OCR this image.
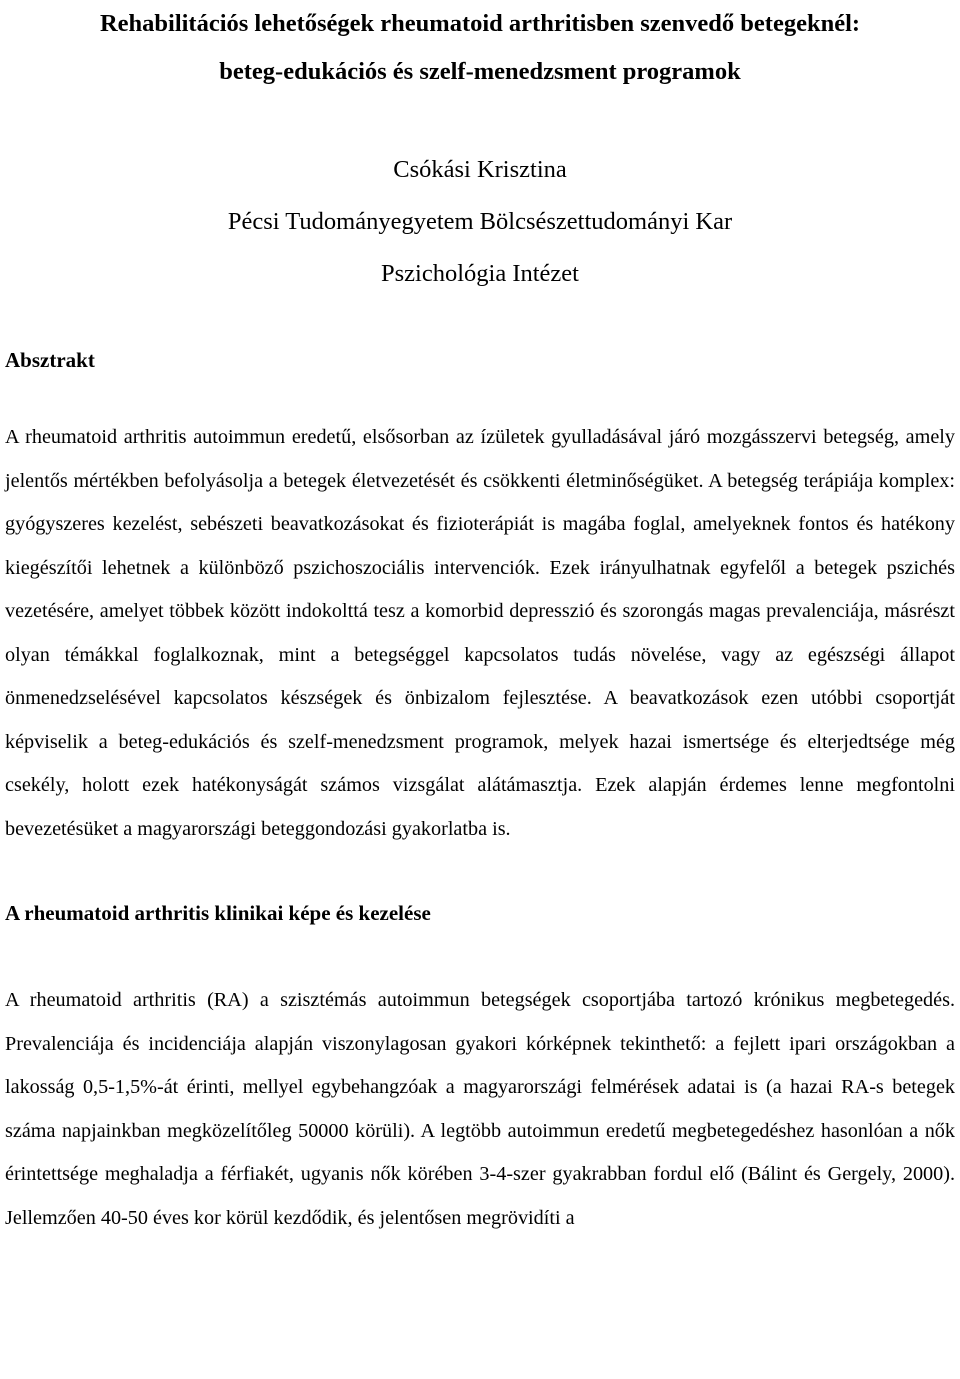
Rehabilitációs lehetőségek rheumatoid arthritisben szenvedő betegeknél:
beteg-edukációs és szelf-menedzsment programok
Csókási Krisztina
Pécsi Tudományegyetem Bölcsészettudományi Kar
Pszichológia Intézet
Absztrakt

A rheumatoid arthritis autoimmun eredetű, elsősorban az ízületek gyulladásával járó mozgásszervi betegség, amely jelentős mértékben befolyásolja a betegek életvezetését és csökkenti életminőségüket. A betegség terápiája komplex: gyógyszeres kezelést, sebészeti beavatkozásokat és fizioterápiát is magába foglal, amelyeknek fontos és hatékony kiegészítői lehetnek a különböző pszichoszociális intervenciók. Ezek irányulhatnak egyfelől a betegek pszichés vezetésére, amelyet többek között indokolttá tesz a komorbid depresszió és szorongás magas prevalenciája, másrészt olyan témákkal foglalkoznak, mint a betegséggel kapcsolatos tudás növelése, vagy az egészségi állapot önmenedzselésével kapcsolatos készségek és önbizalom fejlesztése. A beavatkozások ezen utóbbi csoportját képviselik a beteg-edukációs és szelf-menedzsment programok, melyek hazai ismertsége és elterjedtsége még csekély, holott ezek hatékonyságát számos vizsgálat alátámasztja. Ezek alapján érdemes lenne megfontolni bevezetésüket a magyarországi beteggondozási gyakorlatba is.

A rheumatoid arthritis klinikai képe és kezelése

A rheumatoid arthritis (RA) a szisztémás autoimmun betegségek csoportjába tartozó krónikus megbetegedés. Prevalenciája és incidenciája alapján viszonylagosan gyakori kórképnek tekinthető: a fejlett ipari országokban a lakosság 0,5-1,5%-át érinti, mellyel egybehangzóak a magyarországi felmérések adatai is (a hazai RA-s betegek száma napjainkban megközelítőleg 50000 körüli). A legtöbb autoimmun eredetű megbetegedéshez hasonlóan a nők érintettsége meghaladja a férfiakét, ugyanis nők körében 3-4-szer gyakrabban fordul elő (Bálint és Gergely, 2000). Jellemzően 40-50 éves kor körül kezdődik, és jelentősen megrövidíti a
